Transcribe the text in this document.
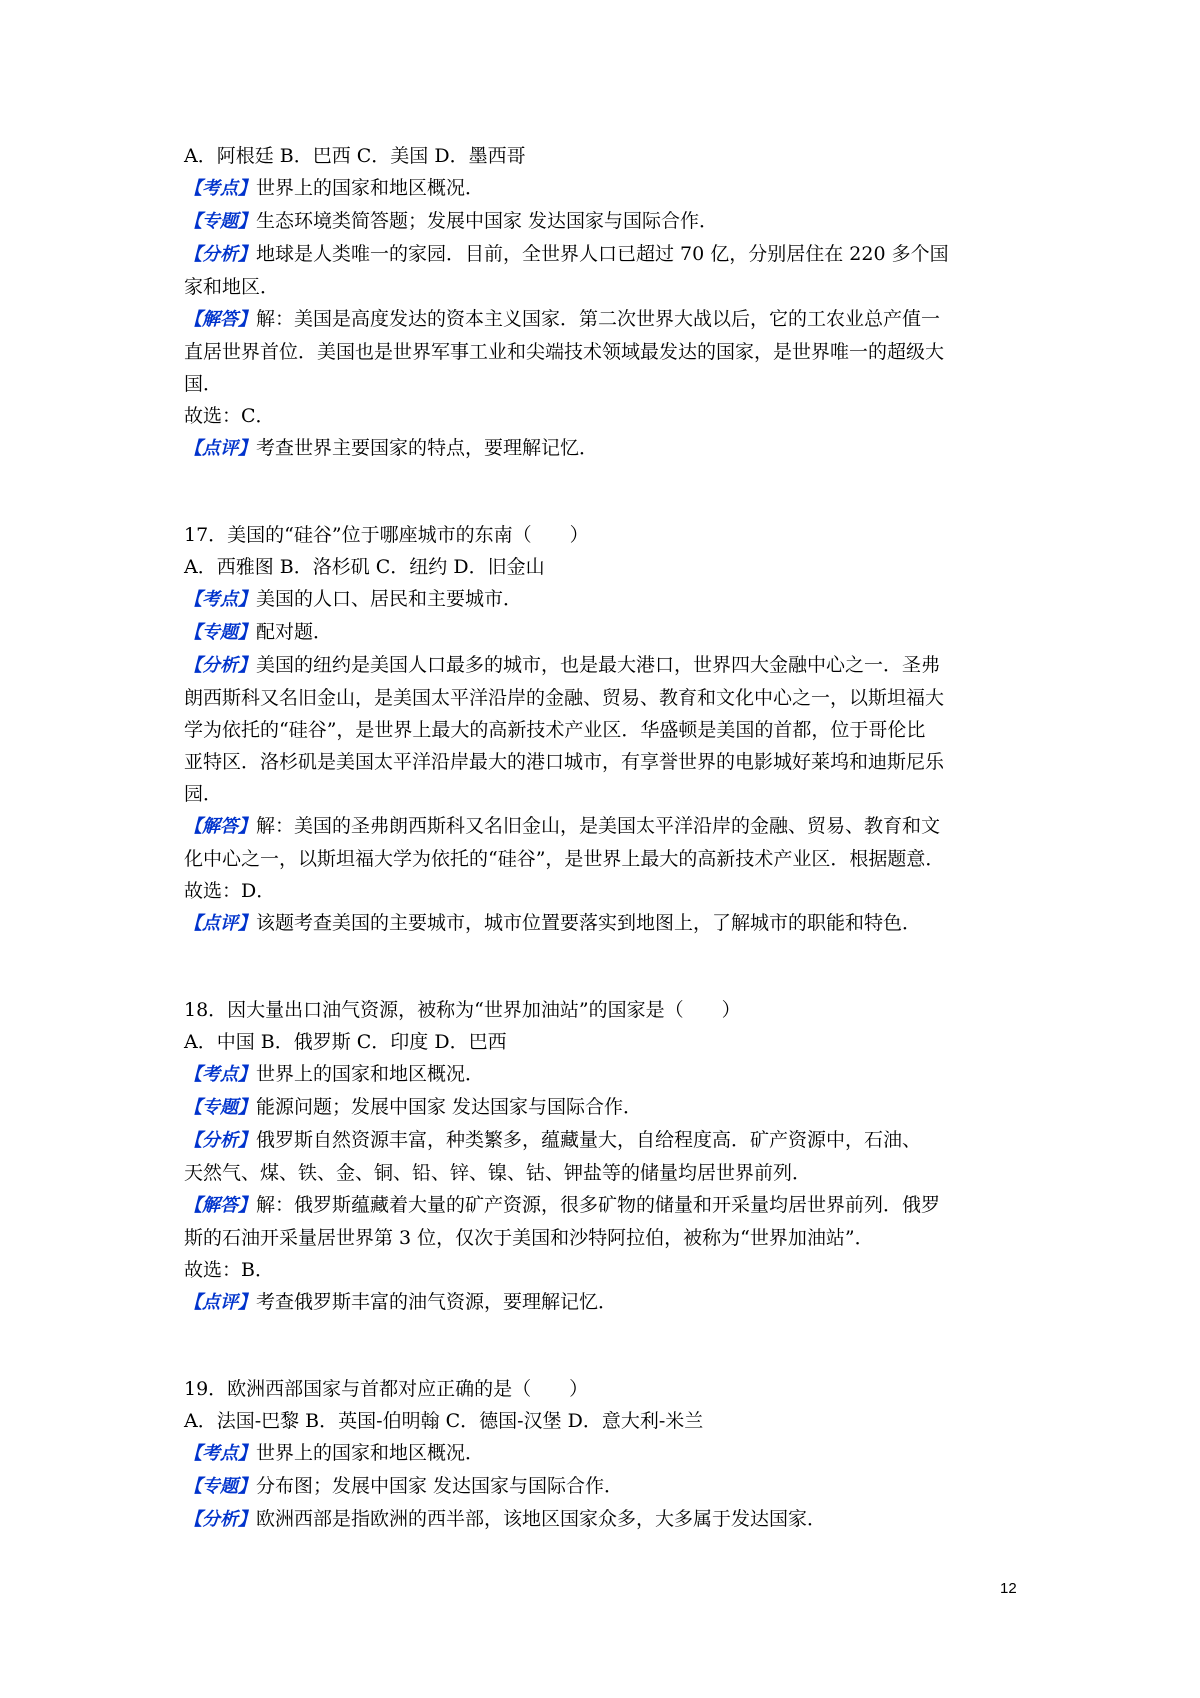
A．阿根廷 B．巴西 C．美国 D．墨西哥
【考点】世界上的国家和地区概况．
【专题】生态环境类简答题；发展中国家 发达国家与国际合作．
【分析】地球是人类唯一的家园．目前，全世界人口已超过 70 亿，分别居住在 220 多个国
家和地区．
【解答】解：美国是高度发达的资本主义国家．第二次世界大战以后，它的工农业总产值一
直居世界首位．美国也是世界军事工业和尖端技术领域最发达的国家，是世界唯一的超级大
国．
故选：C．
【点评】考查世界主要国家的特点，要理解记忆．
17．美国的“硅谷”位于哪座城市的东南（　　）
A．西雅图 B．洛杉矶 C．纽约 D．旧金山
【考点】美国的人口、居民和主要城市．
【专题】配对题．
【分析】美国的纽约是美国人口最多的城市，也是最大港口，世界四大金融中心之一．圣弗
朗西斯科又名旧金山，是美国太平洋沿岸的金融、贸易、教育和文化中心之一，以斯坦福大
学为依托的“硅谷”，是世界上最大的高新技术产业区．华盛顿是美国的首都，位于哥伦比
亚特区．洛杉矶是美国太平洋沿岸最大的港口城市，有享誉世界的电影城好莱坞和迪斯尼乐
园．
【解答】解：美国的圣弗朗西斯科又名旧金山，是美国太平洋沿岸的金融、贸易、教育和文
化中心之一，以斯坦福大学为依托的“硅谷”，是世界上最大的高新技术产业区．根据题意．
故选：D．
【点评】该题考查美国的主要城市，城市位置要落实到地图上，了解城市的职能和特色．
18．因大量出口油气资源，被称为“世界加油站”的国家是（　　）
A．中国 B．俄罗斯 C．印度 D．巴西
【考点】世界上的国家和地区概况．
【专题】能源问题；发展中国家 发达国家与国际合作．
【分析】俄罗斯自然资源丰富，种类繁多，蕴藏量大，自给程度高．矿产资源中，石油、
天然气、煤、铁、金、铜、铅、锌、镍、钴、钾盐等的储量均居世界前列．
【解答】解：俄罗斯蕴藏着大量的矿产资源，很多矿物的储量和开采量均居世界前列．俄罗
斯的石油开采量居世界第 3 位，仅次于美国和沙特阿拉伯，被称为“世界加油站”．
故选：B．
【点评】考查俄罗斯丰富的油气资源，要理解记忆．
19．欧洲西部国家与首都对应正确的是（　　）
A．法国-巴黎 B．英国-伯明翰 C．德国-汉堡 D．意大利-米兰
【考点】世界上的国家和地区概况．
【专题】分布图；发展中国家 发达国家与国际合作．
【分析】欧洲西部是指欧洲的西半部，该地区国家众多，大多属于发达国家．
12
